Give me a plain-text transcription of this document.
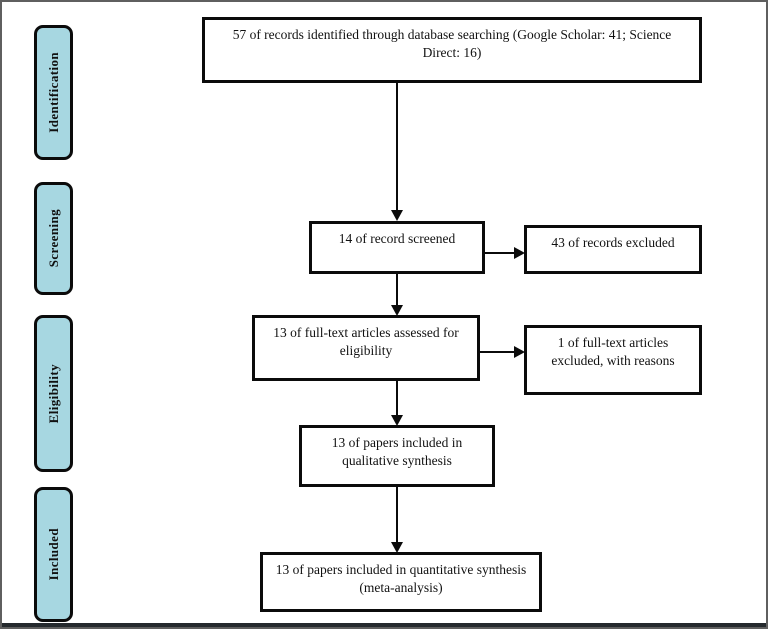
Identification
Screening
Eligibility
Included
57 of records identified through database searching (Google Scholar: 41; Science Direct: 16)
14 of record screened	43 of records excluded
13 of full-text articles assessed for eligibility
1 of full-text articles excluded, with reasons
13 of papers included in qualitative synthesis
13 of papers included in quantitative synthesis (meta-analysis)
